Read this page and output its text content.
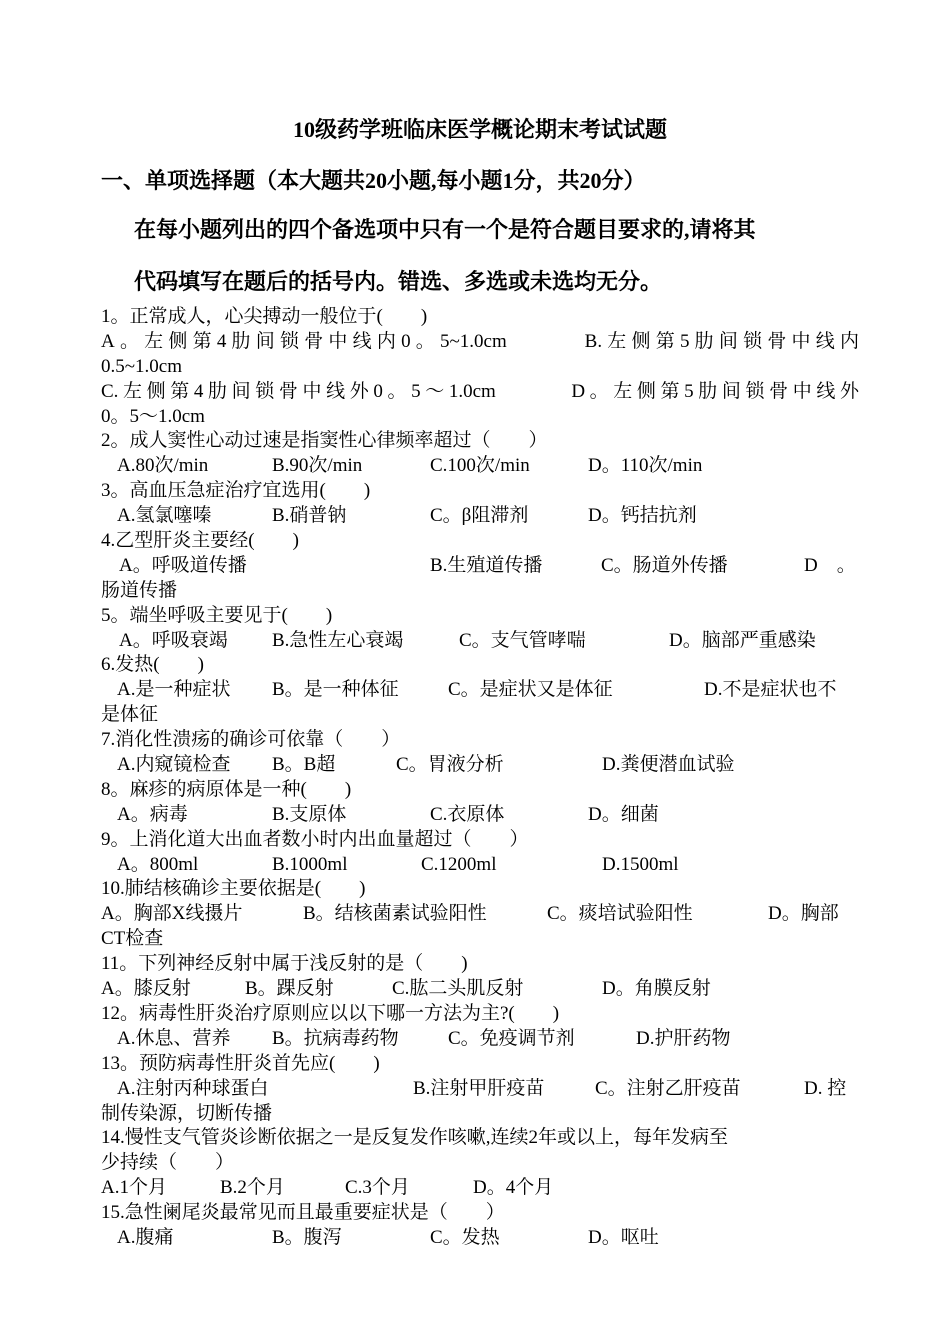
10级药学班临床医学概论期末考试试题
一、单项选择题（本大题共20小题,每小题1分，共20分）
在每小题列出的四个备选项中只有一个是符合题目要求的,请将其
代码填写在题后的括号内。错选、多选或未选均无分。
1。正常成人，心尖搏动一般位于(　　)
A。左侧第4肋间锁骨中线内0。5~1.0cm　　　B.左侧第5肋间锁骨中线内
0.5~1.0cm
C.左侧第4肋间锁骨中线外0。5～1.0cm　　　D。左侧第5肋间锁骨中线外
0。5～1.0cm
2。成人窦性心动过速是指窦性心律频率超过（　　）
A.80次/min	B.90次/min	C.100次/min	D。110次/min
3。高血压急症治疗宜选用(　　)
A.氢氯噻嗪	B.硝普钠	C。β阻滞剂	D。钙拮抗剂
4.乙型肝炎主要经(　　)
A。呼吸道传播	B.生殖道传播	C。肠道外传播	D　。
肠道传播
5。端坐呼吸主要见于(　　)
A。呼吸衰竭 B.急性左心衰竭	C。支气管哮喘	D。脑部严重感染
6.发热(　　)
A.是一种症状 B。是一种体征	C。是症状又是体征	D.不是症状也不
是体征
7.消化性溃疡的确诊可依靠（　　）
A.内窥镜检查 B。B超	C。胃液分析	D.粪便潜血试验
8。麻疹的病原体是一种(　　)
A。病毒	B.支原体	C.衣原体	D。细菌
9。上消化道大出血者数小时内出血量超过（　　）
A。800ml	B.1000ml	C.1200ml	D.1500ml
10.肺结核确诊主要依据是(　　)
A。胸部X线摄片	B。结核菌素试验阳性	C。痰培试验阳性	D。胸部
CT检查
11。下列神经反射中属于浅反射的是（　　)
A。膝反射	B。踝反射	C.肱二头肌反射	D。角膜反射
12。病毒性肝炎治疗原则应以以下哪一方法为主?(　　)
A.休息、营养 B。抗病毒药物	C。免疫调节剂	D.护肝药物
13。预防病毒性肝炎首先应(　　)
A.注射丙种球蛋白	B.注射甲肝疫苗	C。注射乙肝疫苗	D. 控
制传染源，切断传播
14.慢性支气管炎诊断依据之一是反复发作咳嗽,连续2年或以上，每年发病至
少持续（　　）
A.1个月	B.2个月	C.3个月	D。4个月
15.急性阑尾炎最常见而且最重要症状是（　　）
A.腹痛	B。腹泻	C。发热	D。呕吐
